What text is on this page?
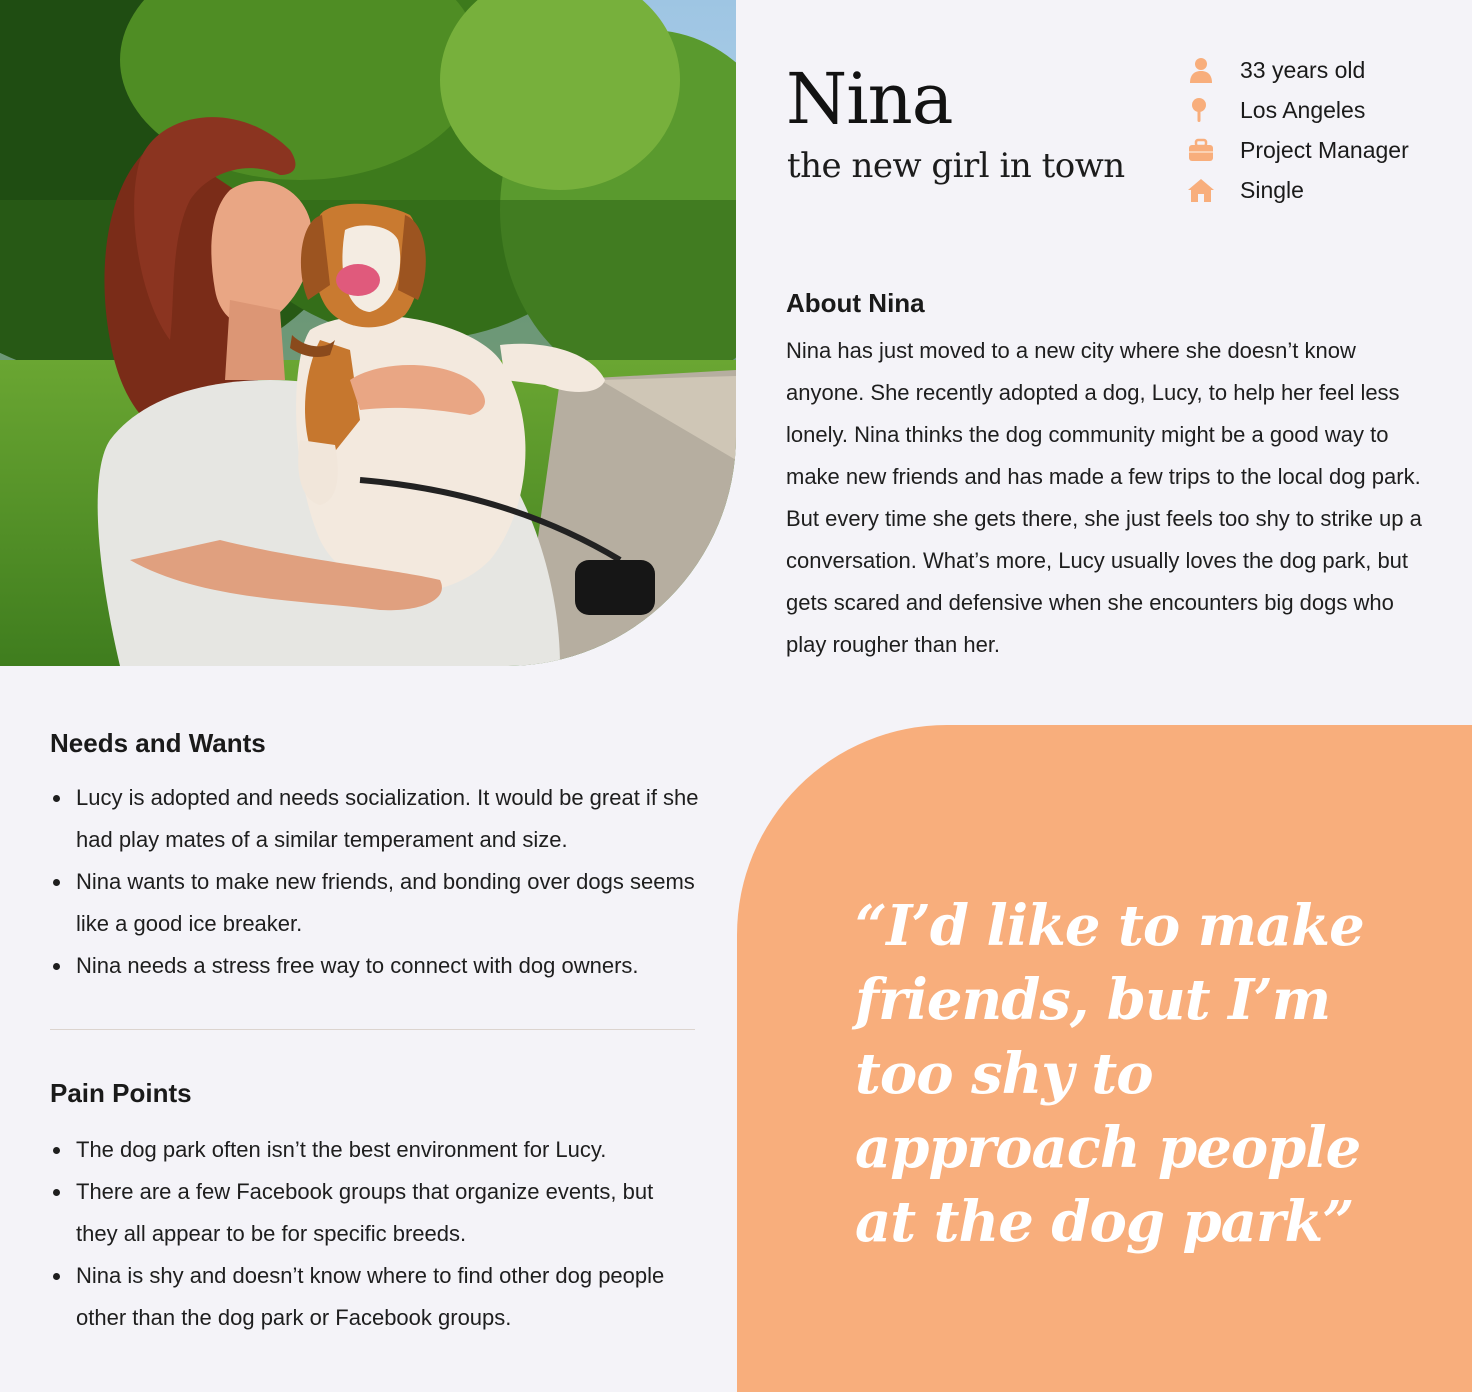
Nina
the new girl in town
33 years old
Los Angeles
Project Manager
Single
About Nina

Nina has just moved to a new city where she doesn’t know anyone. She recently adopted a dog, Lucy, to help her feel less lonely. Nina thinks the dog community might be a good way to make new friends and has made a few trips to the local dog park. But every time she gets there, she just feels too shy to strike up a conversation. What’s more, Lucy usually loves the dog park, but gets scared and defensive when she encounters big dogs who play rougher than her.

Needs and Wants
Lucy is adopted and needs socialization. It would be great if she had play mates of a similar temperament and size.
Nina wants to make new friends, and bonding over dogs seems like a good ice breaker.
Nina needs a stress free way to connect with dog owners.
Pain Points
The dog park often isn’t the best environment for Lucy.
There are a few Facebook groups that organize events, but they all appear to be for specific breeds.
Nina is shy and doesn’t know where to find other dog people other than the dog park or Facebook groups.
“I’d like to make friends, but I’m too shy to approach people at the dog park”
